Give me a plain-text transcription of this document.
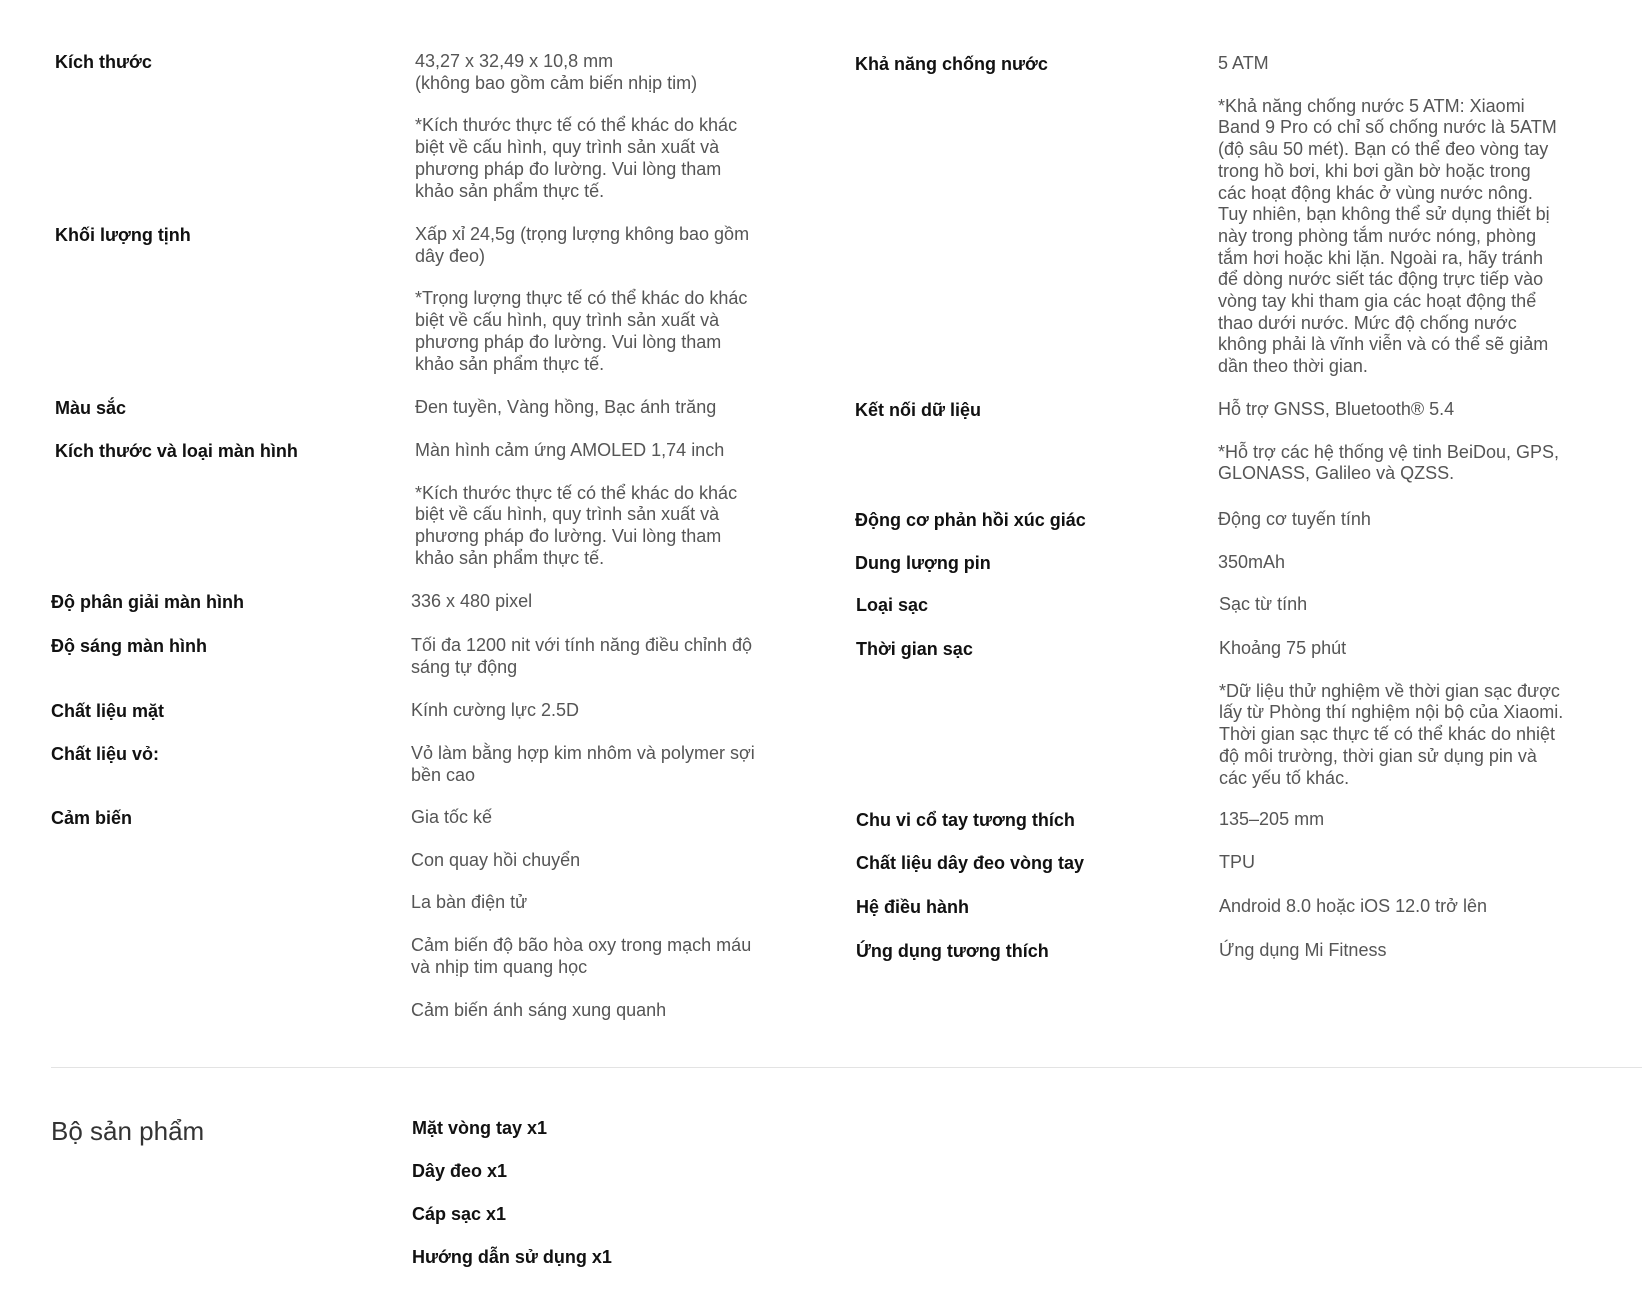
Kích thước	43,27 x 32,49 x 10,8 mm
(không bao gồm cảm biến nhịp tim)

*Kích thước thực tế có thể khác do khác biệt về cấu hình, quy trình sản xuất và phương pháp đo lường. Vui lòng tham khảo sản phẩm thực tế.

Khối lượng tịnh	Xấp xỉ 24,5g (trọng lượng không bao gồm dây đeo)

*Trọng lượng thực tế có thể khác do khác biệt về cấu hình, quy trình sản xuất và phương pháp đo lường. Vui lòng tham khảo sản phẩm thực tế.

Màu sắc	Đen tuyền, Vàng hồng, Bạc ánh trăng

Kích thước và loại màn hình	Màn hình cảm ứng AMOLED 1,74 inch

*Kích thước thực tế có thể khác do khác biệt về cấu hình, quy trình sản xuất và phương pháp đo lường. Vui lòng tham khảo sản phẩm thực tế.

Độ phân giải màn hình	336 x 480 pixel

Độ sáng màn hình	Tối đa 1200 nit với tính năng điều chỉnh độ sáng tự động

Chất liệu mặt	Kính cường lực 2.5D

Chất liệu vỏ:	Vỏ làm bằng hợp kim nhôm và polymer sợi bền cao

Cảm biến	Gia tốc kế

Con quay hồi chuyển

La bàn điện tử

Cảm biến độ bão hòa oxy trong mạch máu và nhịp tim quang học

Cảm biến ánh sáng xung quanh

Khả năng chống nước	5 ATM

*Khả năng chống nước 5 ATM: Xiaomi Band 9 Pro có chỉ số chống nước là 5ATM (độ sâu 50 mét). Bạn có thể đeo vòng tay trong hồ bơi, khi bơi gần bờ hoặc trong các hoạt động khác ở vùng nước nông. Tuy nhiên, bạn không thể sử dụng thiết bị này trong phòng tắm nước nóng, phòng tắm hơi hoặc khi lặn. Ngoài ra, hãy tránh để dòng nước siết tác động trực tiếp vào vòng tay khi tham gia các hoạt động thể thao dưới nước. Mức độ chống nước không phải là vĩnh viễn và có thể sẽ giảm dần theo thời gian.

Kết nối dữ liệu	Hỗ trợ GNSS, Bluetooth® 5.4

*Hỗ trợ các hệ thống vệ tinh BeiDou, GPS, GLONASS, Galileo và QZSS.

Động cơ phản hồi xúc giác	Động cơ tuyến tính

Dung lượng pin	350mAh

Loại sạc	Sạc từ tính

Thời gian sạc	Khoảng 75 phút

*Dữ liệu thử nghiệm về thời gian sạc được lấy từ Phòng thí nghiệm nội bộ của Xiaomi. Thời gian sạc thực tế có thể khác do nhiệt độ môi trường, thời gian sử dụng pin và các yếu tố khác.

Chu vi cổ tay tương thích	135–205 mm

Chất liệu dây đeo vòng tay	TPU

Hệ điều hành	Android 8.0 hoặc iOS 12.0 trở lên

Ứng dụng tương thích	Ứng dụng Mi Fitness

Bộ sản phẩm	Mặt vòng tay x1
Dây đeo x1
Cáp sạc x1
Hướng dẫn sử dụng x1
